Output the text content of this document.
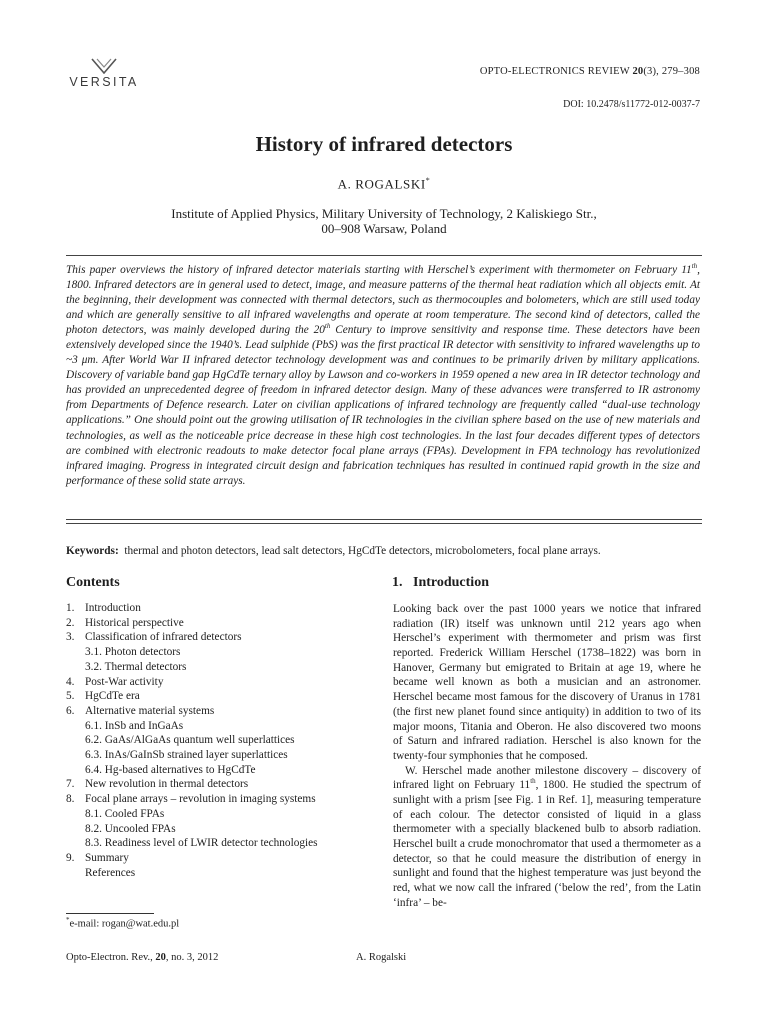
VERSITA
OPTO-ELECTRONICS REVIEW 20(3), 279–308
DOI: 10.2478/s11772-012-0037-7
History of infrared detectors
A. ROGALSKI*
Institute of Applied Physics, Military University of Technology, 2 Kaliskiego Str.,
00–908 Warsaw, Poland
This paper overviews the history of infrared detector materials starting with Herschel’s experiment with thermometer on February 11th, 1800. Infrared detectors are in general used to detect, image, and measure patterns of the thermal heat radiation which all objects emit. At the beginning, their development was connected with thermal detectors, such as thermocouples and bolometers, which are still used today and which are generally sensitive to all infrared wavelengths and operate at room temperature. The second kind of detectors, called the photon detectors, was mainly developed during the 20th Century to improve sensitivity and response time. These detectors have been extensively developed since the 1940’s. Lead sulphide (PbS) was the first practical IR detector with sensitivity to infrared wavelengths up to ~3 μm. After World War II infrared detector technology development was and continues to be primarily driven by military applications. Discovery of variable band gap HgCdTe ternary alloy by Lawson and co-workers in 1959 opened a new area in IR detector technology and has provided an unprecedented degree of freedom in infrared detector design. Many of these advances were transferred to IR astronomy from Departments of Defence research. Later on civilian applications of infrared technology are frequently called “dual-use technology applications.” One should point out the growing utilisation of IR technologies in the civilian sphere based on the use of new materials and technologies, as well as the noticeable price decrease in these high cost technologies. In the last four decades different types of detectors are combined with electronic readouts to make detector focal plane arrays (FPAs). Development in FPA technology has revolutionized infrared imaging. Progress in integrated circuit design and fabrication techniques has resulted in continued rapid growth in the size and performance of these solid state arrays.
Keywords: thermal and photon detectors, lead salt detectors, HgCdTe detectors, microbolometers, focal plane arrays.
Contents
1. Introduction
2. Historical perspective
3. Classification of infrared detectors
3.1. Photon detectors
3.2. Thermal detectors
4. Post-War activity
5. HgCdTe era
6. Alternative material systems
6.1. InSb and InGaAs
6.2. GaAs/AlGaAs quantum well superlattices
6.3. InAs/GaInSb strained layer superlattices
6.4. Hg-based alternatives to HgCdTe
7. New revolution in thermal detectors
8. Focal plane arrays – revolution in imaging systems
8.1. Cooled FPAs
8.2. Uncooled FPAs
8.3. Readiness level of LWIR detector technologies
9. Summary
References
1.   Introduction

Looking back over the past 1000 years we notice that infrared radiation (IR) itself was unknown until 212 years ago when Herschel’s experiment with thermometer and prism was first reported. Frederick William Herschel (1738–1822) was born in Hanover, Germany but emigrated to Britain at age 19, where he became well known as both a musician and an astronomer. Herschel became most famous for the discovery of Uranus in 1781 (the first new planet found since antiquity) in addition to two of its major moons, Titania and Oberon. He also discovered two moons of Saturn and infrared radiation. Herschel is also known for the twenty-four symphonies that he composed.

W. Herschel made another milestone discovery – discovery of infrared light on February 11th, 1800. He studied the spectrum of sunlight with a prism [see Fig. 1 in Ref. 1], measuring temperature of each colour. The detector consisted of liquid in a glass thermometer with a specially blackened bulb to absorb radiation. Herschel built a crude monochromator that used a thermometer as a detector, so that he could measure the distribution of energy in sunlight and found that the highest temperature was just beyond the red, what we now call the infrared (‘below the red’, from the Latin ‘infra’ – be-

*e-mail: rogan@wat.edu.pl
Opto-Electron. Rev., 20, no. 3, 2012	A. Rogalski
